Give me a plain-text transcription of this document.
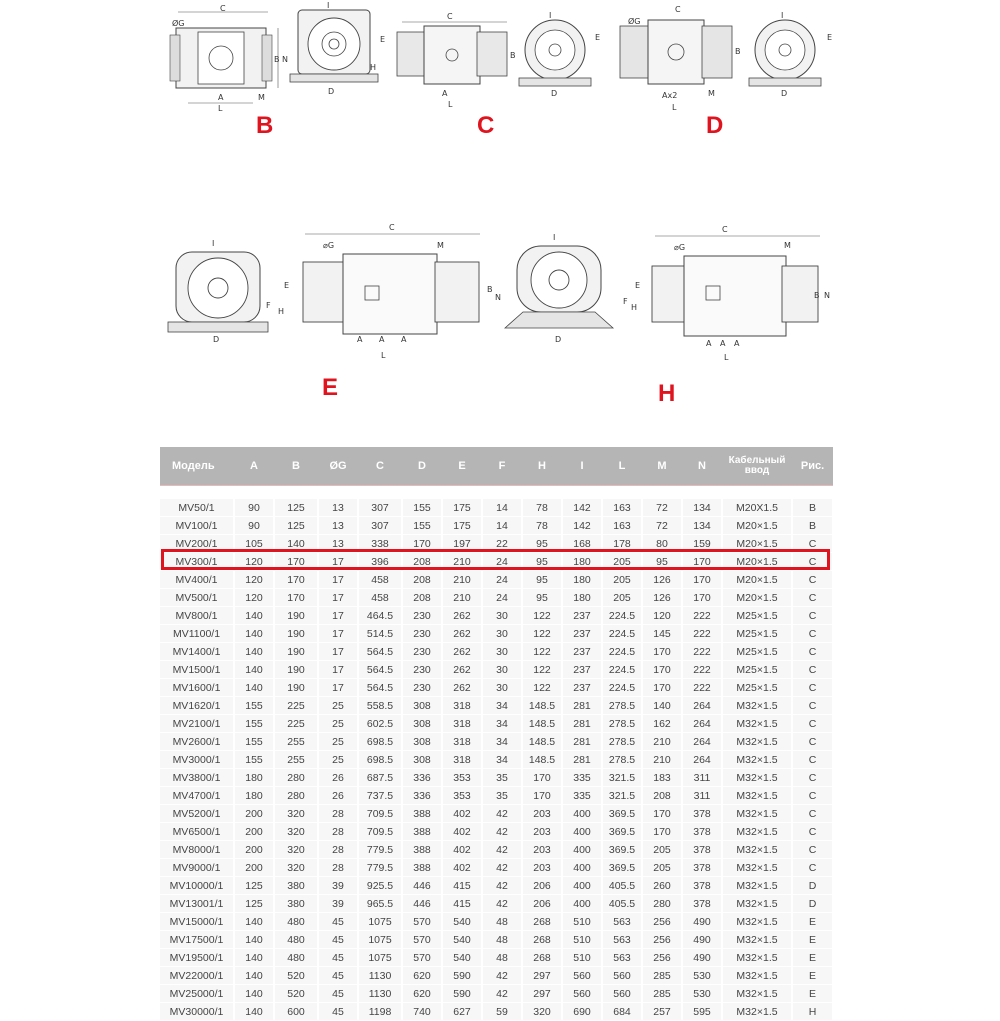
C
ØG
B N
A	M
L
I
D
E
H
C
B
A
L
I
D
E
C
ØG
B
Ax2	M
L
I
D
E
B	C	D
I
D
E
F
H
C
⌀G	M
B
N
A A A
L
I
D
E
F
H
C
⌀G	M
B N
A A A
L
E	H
Модель	A	B	ØG	C	D	E	F	H	I	L	M	N	Кабельный ввод	Рис.
MV50/1	90	125	13	307	155	175	14	78	142	163	72	134	M20X1.5	B
MV100/1	90	125	13	307	155	175	14	78	142	163	72	134	M20×1.5	B
MV200/1	105	140	13	338	170	197	22	95	168	178	80	159	M20×1.5	C
MV300/1	120	170	17	396	208	210	24	95	180	205	95	170	M20×1.5	C
MV400/1	120	170	17	458	208	210	24	95	180	205	126	170	M20×1.5	C
MV500/1	120	170	17	458	208	210	24	95	180	205	126	170	M20×1.5	C
MV800/1	140	190	17	464.5	230	262	30	122	237	224.5	120	222	M25×1.5	C
MV1100/1	140	190	17	514.5	230	262	30	122	237	224.5	145	222	M25×1.5	C
MV1400/1	140	190	17	564.5	230	262	30	122	237	224.5	170	222	M25×1.5	C
MV1500/1	140	190	17	564.5	230	262	30	122	237	224.5	170	222	M25×1.5	C
MV1600/1	140	190	17	564.5	230	262	30	122	237	224.5	170	222	M25×1.5	C
MV1620/1	155	225	25	558.5	308	318	34	148.5	281	278.5	140	264	M32×1.5	C
MV2100/1	155	225	25	602.5	308	318	34	148.5	281	278.5	162	264	M32×1.5	C
MV2600/1	155	255	25	698.5	308	318	34	148.5	281	278.5	210	264	M32×1.5	C
MV3000/1	155	255	25	698.5	308	318	34	148.5	281	278.5	210	264	M32×1.5	C
MV3800/1	180	280	26	687.5	336	353	35	170	335	321.5	183	311	M32×1.5	C
MV4700/1	180	280	26	737.5	336	353	35	170	335	321.5	208	311	M32×1.5	C
MV5200/1	200	320	28	709.5	388	402	42	203	400	369.5	170	378	M32×1.5	C
MV6500/1	200	320	28	709.5	388	402	42	203	400	369.5	170	378	M32×1.5	C
MV8000/1	200	320	28	779.5	388	402	42	203	400	369.5	205	378	M32×1.5	C
MV9000/1	200	320	28	779.5	388	402	42	203	400	369.5	205	378	M32×1.5	C
MV10000/1	125	380	39	925.5	446	415	42	206	400	405.5	260	378	M32×1.5	D
MV13001/1	125	380	39	965.5	446	415	42	206	400	405.5	280	378	M32×1.5	D
MV15000/1	140	480	45	1075	570	540	48	268	510	563	256	490	M32×1.5	E
MV17500/1	140	480	45	1075	570	540	48	268	510	563	256	490	M32×1.5	E
MV19500/1	140	480	45	1075	570	540	48	268	510	563	256	490	M32×1.5	E
MV22000/1	140	520	45	1130	620	590	42	297	560	560	285	530	M32×1.5	E
MV25000/1	140	520	45	1130	620	590	42	297	560	560	285	530	M32×1.5	E
MV30000/1	140	600	45	1198	740	627	59	320	690	684	257	595	M32×1.5	H
